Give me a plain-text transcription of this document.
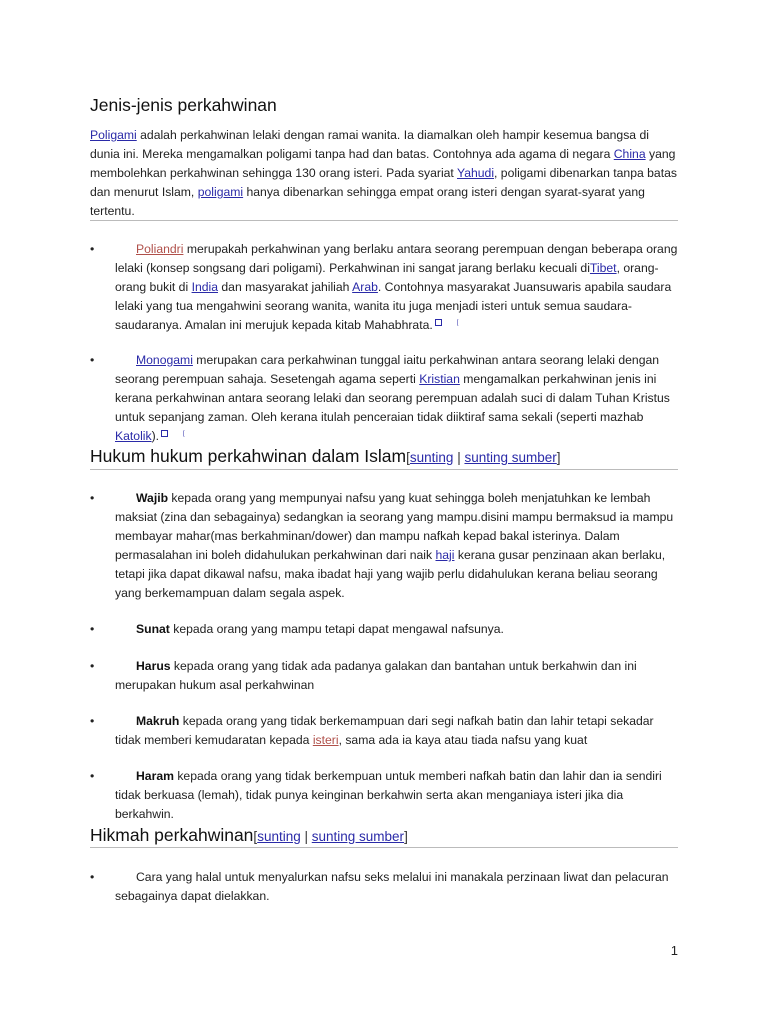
Jenis-jenis perkahwinan
Poligami adalah perkahwinan lelaki dengan ramai wanita. Ia diamalkan oleh hampir kesemua bangsa di dunia ini. Mereka mengamalkan poligami tanpa had dan batas. Contohnya ada agama di negara China yang membolehkan perkahwinan sehingga 130 orang isteri. Pada syariat Yahudi, poligami dibenarkan tanpa batas dan menurut Islam, poligami hanya dibenarkan sehingga empat orang isteri dengan syarat-syarat yang tertentu.
•	Poliandri merupakah perkahwinan yang berlaku antara seorang perempuan dengan beberapa orang lelaki (konsep songsang dari poligami). Perkahwinan ini sangat jarang berlaku kecuali diTibet, orang-orang bukit di India dan masyarakat jahiliah Arab. Contohnya masyarakat Juansuwaris apabila saudara lelaki yang tua mengahwini seorang wanita, wanita itu juga menjadi isteri untuk semua saudara-saudaranya. Amalan ini merujuk kepada kitab Mahabhrata.	[
•	Monogami merupakan cara perkahwinan tunggal iaitu perkahwinan antara seorang lelaki dengan seorang perempuan sahaja. Sesetengah agama seperti Kristian mengamalkan perkahwinan jenis ini kerana perkahwinan antara seorang lelaki dan seorang perempuan adalah suci di dalam Tuhan Kristus untuk sepanjang zaman. Oleh kerana itulah penceraian tidak diiktiraf sama sekali (seperti mazhab Katolik).	[
Hukum hukum perkahwinan dalam Islam[sunting | sunting sumber]
•	Wajib kepada orang yang mempunyai nafsu yang kuat sehingga boleh menjatuhkan ke lembah maksiat (zina dan sebagainya) sedangkan ia seorang yang mampu.disini mampu bermaksud ia mampu membayar mahar(mas berkahminan/dower) dan mampu nafkah kepad bakal isterinya. Dalam permasalahan ini boleh didahulukan perkahwinan dari naik haji kerana gusar penzinaan akan berlaku, tetapi jika dapat dikawal nafsu, maka ibadat haji yang wajib perlu didahulukan kerana beliau seorang yang berkemampuan dalam segala aspek.
•	Sunat kepada orang yang mampu tetapi dapat mengawal nafsunya.
•	Harus kepada orang yang tidak ada padanya galakan dan bantahan untuk berkahwin dan ini merupakan hukum asal perkahwinan
•	Makruh kepada orang yang tidak berkemampuan dari segi nafkah batin dan lahir tetapi sekadar tidak memberi kemudaratan kepada isteri, sama ada ia kaya atau tiada nafsu yang kuat
•	Haram kepada orang yang tidak berkempuan untuk memberi nafkah batin dan lahir dan ia sendiri tidak berkuasa (lemah), tidak punya keinginan berkahwin serta akan menganiaya isteri jika dia berkahwin.
Hikmah perkahwinan[sunting | sunting sumber]
•	Cara yang halal untuk menyalurkan nafsu seks melalui ini manakala perzinaan liwat dan pelacuran sebagainya dapat dielakkan.
1
